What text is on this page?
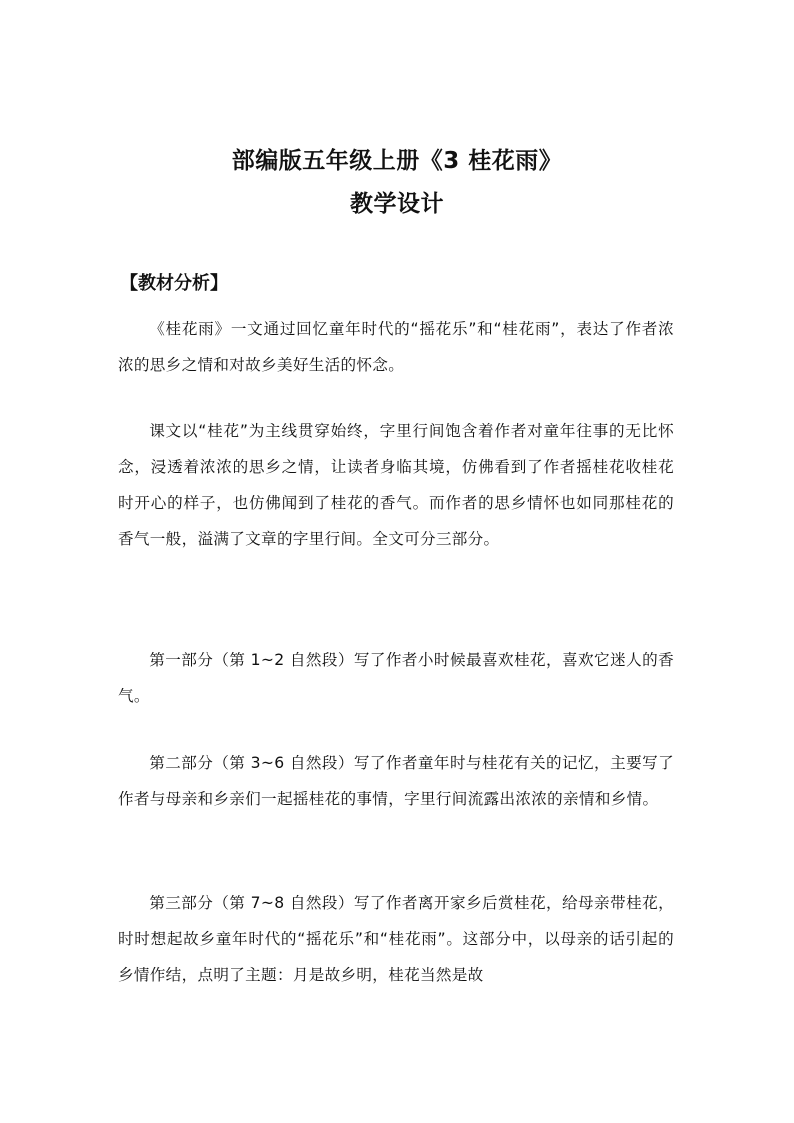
部编版五年级上册《3 桂花雨》
教学设计
【教材分析】
《桂花雨》一文通过回忆童年时代的“摇花乐”和“桂花雨”，表达了作者浓浓的思乡之情和对故乡美好生活的怀念。
课文以“桂花”为主线贯穿始终，字里行间饱含着作者对童年往事的无比怀念，浸透着浓浓的思乡之情，让读者身临其境，仿佛看到了作者摇桂花收桂花时开心的样子，也仿佛闻到了桂花的香气。而作者的思乡情怀也如同那桂花的香气一般，溢满了文章的字里行间。全文可分三部分。
第一部分（第 1~2 自然段）写了作者小时候最喜欢桂花，喜欢它迷人的香气。
第二部分（第 3~6 自然段）写了作者童年时与桂花有关的记忆，主要写了作者与母亲和乡亲们一起摇桂花的事情，字里行间流露出浓浓的亲情和乡情。
第三部分（第 7~8 自然段）写了作者离开家乡后赏桂花，给母亲带桂花，时时想起故乡童年时代的“摇花乐”和“桂花雨”。这部分中，以母亲的话引起的乡情作结，点明了主题：月是故乡明，桂花当然是故
